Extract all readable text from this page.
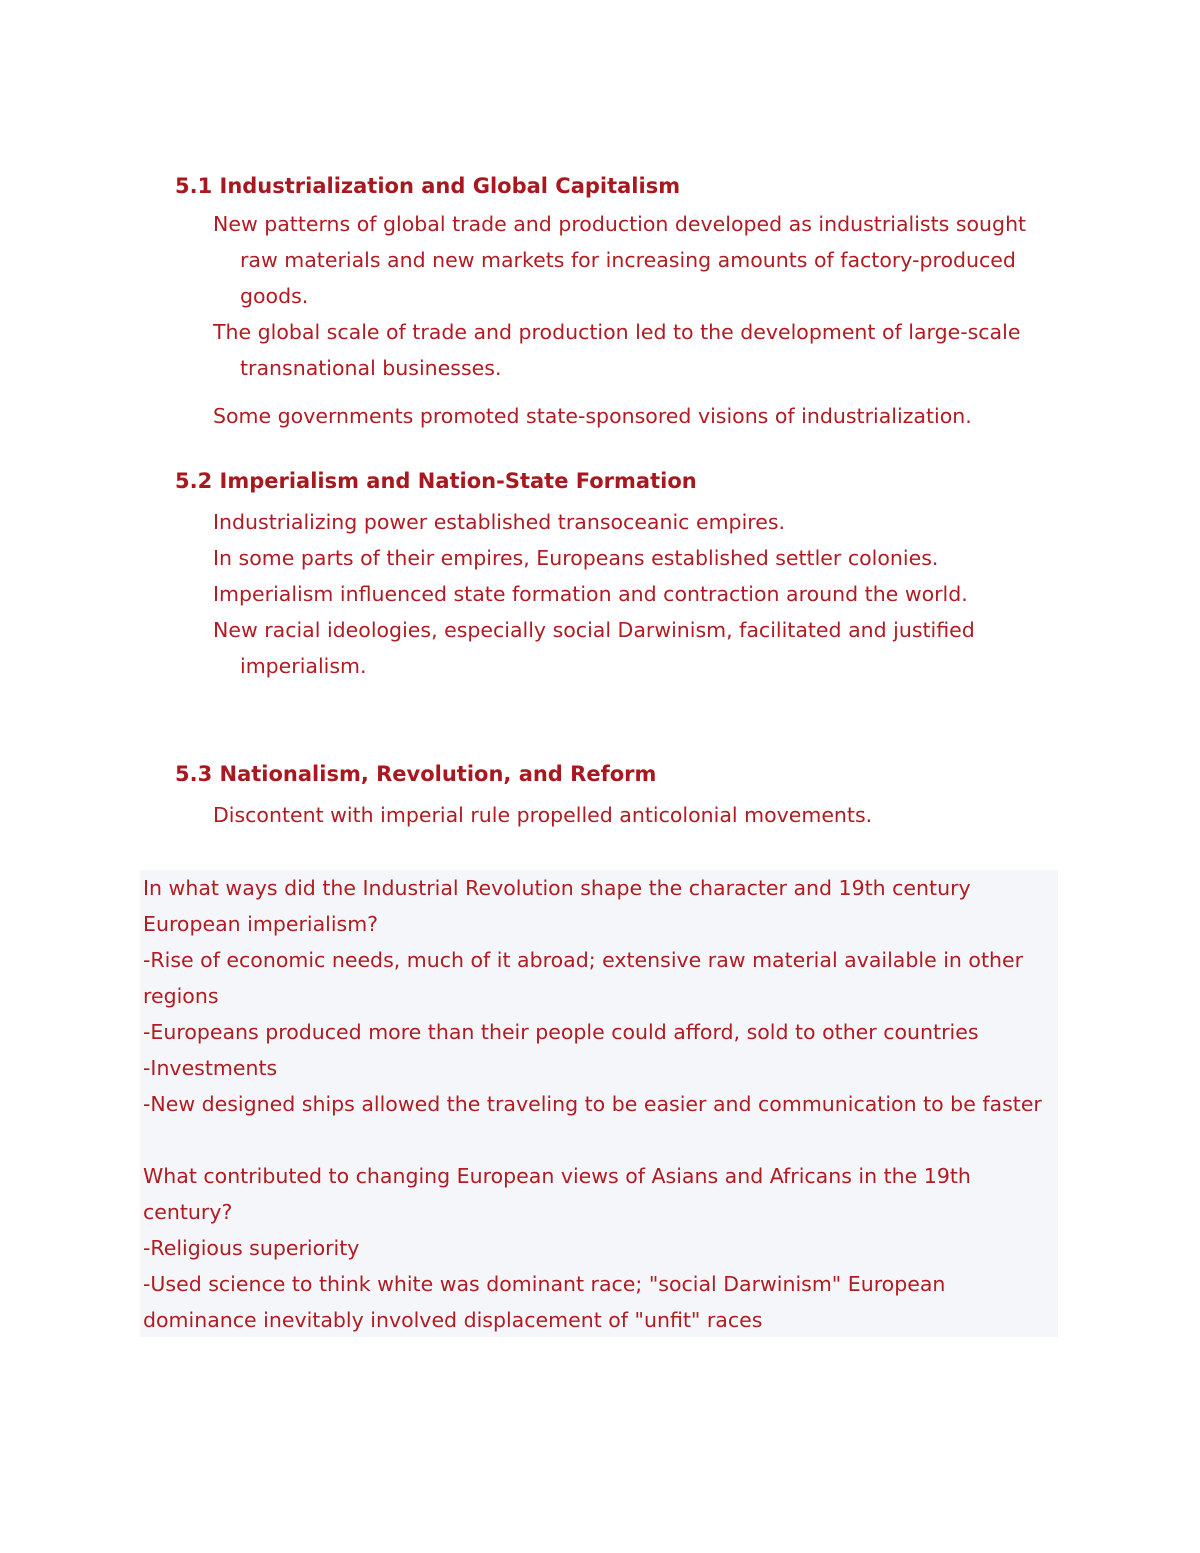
5.1 Industrialization and Global Capitalism

New patterns of global trade and production developed as industrialists sought raw materials and new markets for increasing amounts of factory-produced goods.

The global scale of trade and production led to the development of large-scale transnational businesses.

Some governments promoted state-sponsored visions of industrialization.

5.2 Imperialism and Nation-State Formation

Industrializing power established transoceanic empires.

In some parts of their empires, Europeans established settler colonies.

Imperialism influenced state formation and contraction around the world.

New racial ideologies, especially social Darwinism, facilitated and justified imperialism.

5.3 Nationalism, Revolution, and Reform

Discontent with imperial rule propelled anticolonial movements.

In what ways did the Industrial Revolution shape the character and 19th century European imperialism?

-Rise of economic needs, much of it abroad; extensive raw material available in other regions

-Europeans produced more than their people could afford, sold to other countries

-Investments

-New designed ships allowed the traveling to be easier and communication to be faster

What contributed to changing European views of Asians and Africans in the 19th century?

-Religious superiority

-Used science to think white was dominant race; "social Darwinism" European dominance inevitably involved displacement of "unfit" races
